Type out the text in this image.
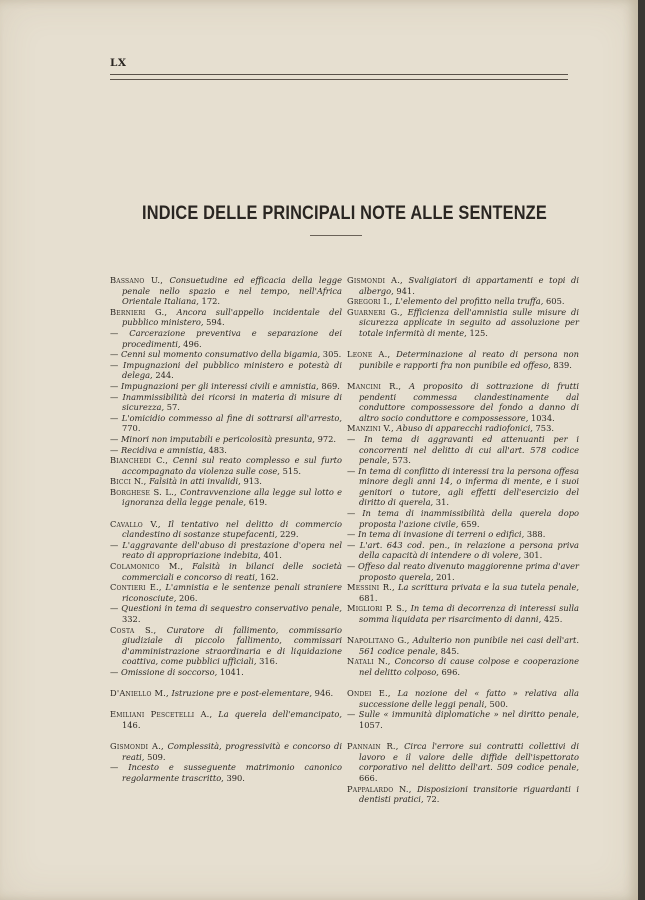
LX
INDICE DELLE PRINCIPALI NOTE ALLE SENTENZE
Bassano U., Consuetudine ed efficacia della legge penale nello spazio e nel tempo, nell'Africa Orientale Italiana, 172.
Bernieri G., Ancora sull'appello incidentale del pubblico ministero, 594.
— Carcerazione preventiva e separazione dei procedimenti, 496.
— Cenni sul momento consumativo della bigamia, 305.
— Impugnazioni del pubblico ministero e potestà di delega, 244.
— Impugnazioni per gli interessi civili e amnistia, 869.
— Inammissibilità dei ricorsi in materia di misure di sicurezza, 57.
— L'omicidio commesso al fine di sottrarsi all'arresto, 770.
— Minori non imputabili e pericolosità presunta, 972.
— Recidiva e amnistia, 483.
Bianchedi C., Cenni sul reato complesso e sul furto accompagnato da violenza sulle cose, 515.
Bicci N., Falsità in atti invalidi, 913.
Borghese S. L., Contravvenzione alla legge sul lotto e ignoranza della legge penale, 619.
Cavallo V., Il tentativo nel delitto di commercio clandestino di sostanze stupefacenti, 229.
— L'aggravante dell'abuso di prestazione d'opera nel reato di appropriazione indebita, 401.
Colamonico M., Falsità in bilanci delle società commerciali e concorso di reati, 162.
Contieri E., L'amnistia e le sentenze penali straniere riconosciute, 206.
— Questioni in tema di sequestro conservativo penale, 332.
Costa S., Curatore di fallimento, commissario giudiziale di piccolo fallimento, commissari d'amministrazione straordinaria e di liquidazione coattiva, come pubblici ufficiali, 316.
— Omissione di soccorso, 1041.
D'Aniello M., Istruzione pre e post-elementare, 946.
Emiliani Pescetelli A., La querela dell'emancipato, 146.
Gismondi A., Complessità, progressività e concorso di reati, 509.
— Incesto e susseguente matrimonio canonico regolarmente trascritto, 390.
Gismondi A., Svaligiatori di appartamenti e topi di albergo, 941.
Gregori I., L'elemento del profitto nella truffa, 605.
Guarneri G., Efficienza dell'amnistia sulle misure di sicurezza applicate in seguito ad assoluzione per totale infermità di mente, 125.
Leone A., Determinazione al reato di persona non punibile e rapporti fra non punibile ed offeso, 839.
Mancini R., A proposito di sottrazione di frutti pendenti commessa clandestinamente dal conduttore compossessore del fondo a danno di altro socio conduttore e compossessore, 1034.
Manzini V., Abuso di apparecchi radiofonici, 753.
— In tema di aggravanti ed attenuanti per i concorrenti nel delitto di cui all'art. 578 codice penale, 573.
— In tema di conflitto di interessi tra la persona offesa minore degli anni 14, o inferma di mente, e i suoi genitori o tutore, agli effetti dell'esercizio del diritto di querela, 31.
— In tema di inammissibilità della querela dopo proposta l'azione civile, 659.
— In tema di invasione di terreni o edifici, 388.
— L'art. 643 cod. pen., in relazione a persona priva della capacità di intendere o di volere, 301.
— Offeso dal reato divenuto maggiorenne prima d'aver proposto querela, 201.
Messini R., La scrittura privata e la sua tutela penale, 681.
Migliori P. S., In tema di decorrenza di interessi sulla somma liquidata per risarcimento di danni, 425.
Napolitano G., Adulterio non punibile nei casi dell'art. 561 codice penale, 845.
Natali N., Concorso di cause colpose e cooperazione nel delitto colposo, 696.
Ondei E., La nozione del « fatto » relativa alla successione delle leggi penali, 500.
— Sulle « immunità diplomatiche » nel diritto penale, 1057.
Pannain R., Circa l'errore sui contratti collettivi di lavoro e il valore delle diffide dell'ispettorato corporativo nel delitto dell'art. 509 codice penale, 666.
Pappalardo N., Disposizioni transitorie riguardanti i dentisti pratici, 72.
